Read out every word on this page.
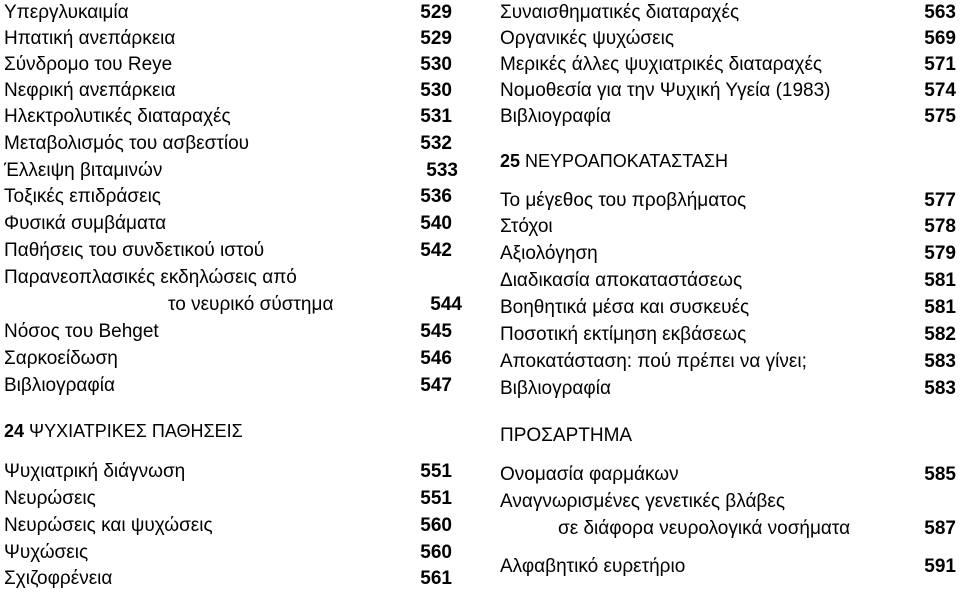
Υπεργλυκαιμία	529
Ηπατική ανεπάρκεια	529
Σύνδρομο του Reye	530
Νεφρική ανεπάρκεια	530
Ηλεκτρολυτικές διαταραχές	531
Μεταβολισμός του ασβεστίου	532
Έλλειψη βιταμινών	533
Τοξικές επιδράσεις	536
Φυσικά συμβάματα	540
Παθήσεις του συνδετικού ιστού	542
Παρανεοπλασικές εκδηλώσεις από
το νευρικό σύστημα	544
Νόσος του Behget	545
Σαρκοείδωση	546
Βιβλιογραφία	547
24 ΨΥΧΙΑΤΡΙΚΕΣ ΠΑΘΗΣΕΙΣ
Ψυχιατρική διάγνωση	551
Νευρώσεις	551
Νευρώσεις και ψυχώσεις	560
Ψυχώσεις	560
Σχιζοφρένεια	561
Συναισθηματικές διαταραχές	563
Οργανικές ψυχώσεις	569
Μερικές άλλες ψυχιατρικές διαταραχές	571
Νομοθεσία για την Ψυχική Υγεία (1983)	574
Βιβλιογραφία	575
25 ΝΕΥΡΟΑΠΟΚΑΤΑΣΤΑΣΗ
Το μέγεθος του προβλήματος	577
Στόχοι	578
Αξιολόγηση	579
Διαδικασία αποκαταστάσεως	581
Βοηθητικά μέσα και συσκευές	581
Ποσοτική εκτίμηση εκβάσεως	582
Αποκατάσταση: πού πρέπει να γίνει;	583
Βιβλιογραφία	583
ΠΡΟΣΑΡΤΗΜΑ
Ονομασία φαρμάκων	585
Αναγνωρισμένες γενετικές βλάβες
σε διάφορα νευρολογικά νοσήματα	587
Αλφαβητικό ευρετήριο	591
